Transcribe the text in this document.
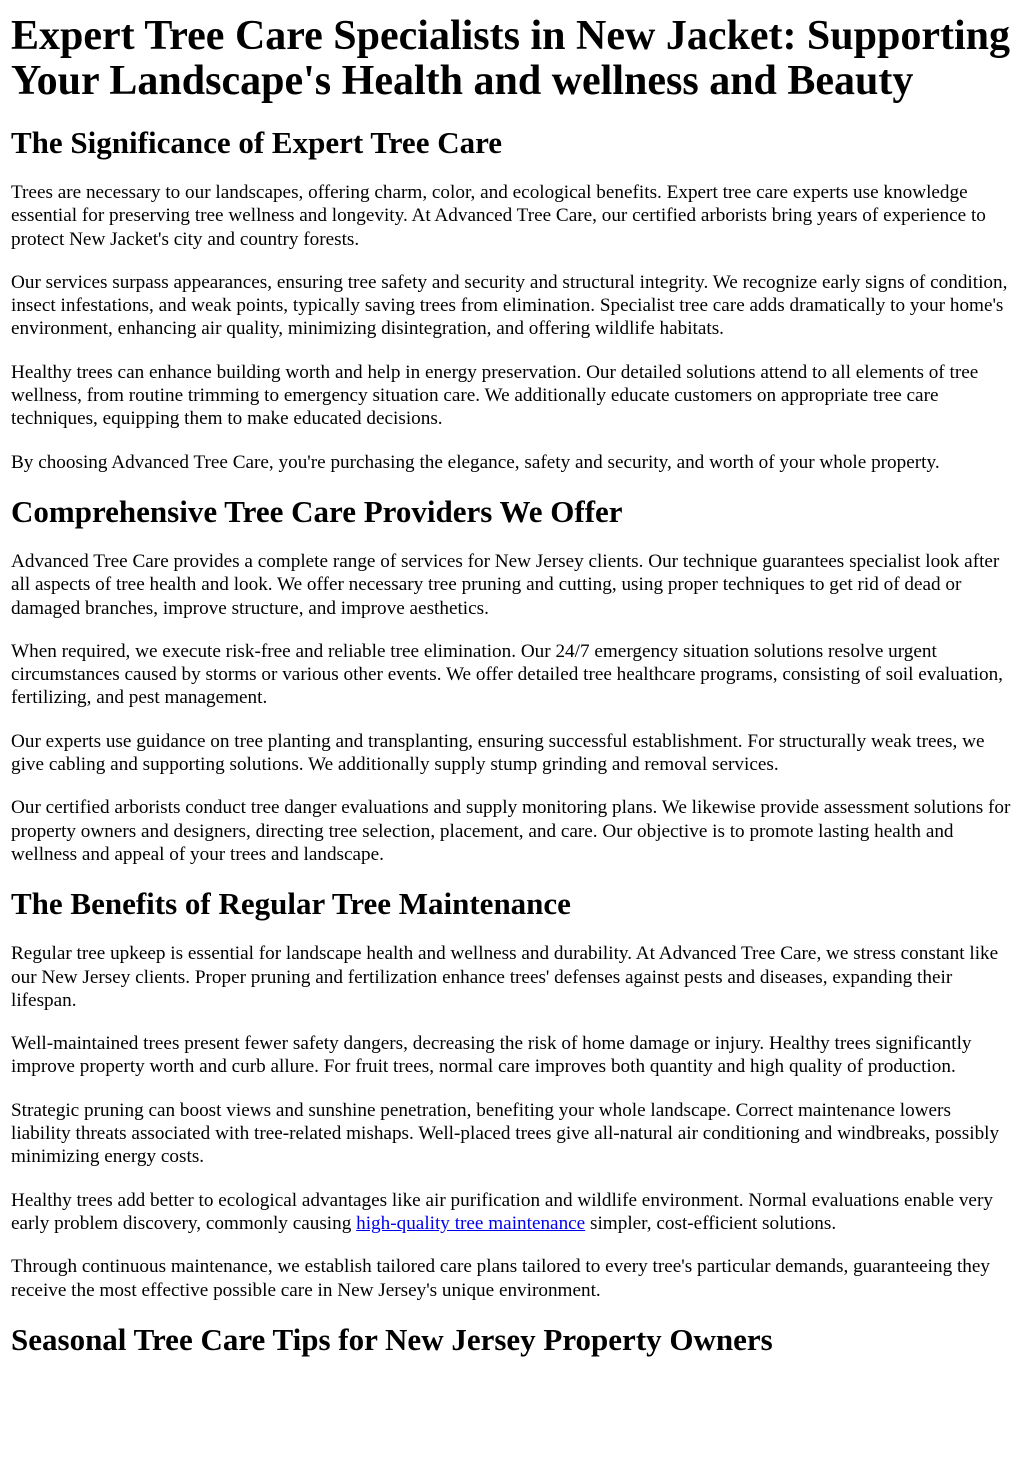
Expert Tree Care Specialists in New Jacket: Supporting Your Landscape's Health and wellness and Beauty
The Significance of Expert Tree Care

Trees are necessary to our landscapes, offering charm, color, and ecological benefits. Expert tree care experts use knowledge essential for preserving tree wellness and longevity. At Advanced Tree Care, our certified arborists bring years of experience to protect New Jacket's city and country forests.

Our services surpass appearances, ensuring tree safety and security and structural integrity. We recognize early signs of condition, insect infestations, and weak points, typically saving trees from elimination. Specialist tree care adds dramatically to your home's environment, enhancing air quality, minimizing disintegration, and offering wildlife habitats.

Healthy trees can enhance building worth and help in energy preservation. Our detailed solutions attend to all elements of tree wellness, from routine trimming to emergency situation care. We additionally educate customers on appropriate tree care techniques, equipping them to make educated decisions.

By choosing Advanced Tree Care, you're purchasing the elegance, safety and security, and worth of your whole property.

Comprehensive Tree Care Providers We Offer

Advanced Tree Care provides a complete range of services for New Jersey clients. Our technique guarantees specialist look after all aspects of tree health and look. We offer necessary tree pruning and cutting, using proper techniques to get rid of dead or damaged branches, improve structure, and improve aesthetics.

When required, we execute risk-free and reliable tree elimination. Our 24/7 emergency situation solutions resolve urgent circumstances caused by storms or various other events. We offer detailed tree healthcare programs, consisting of soil evaluation, fertilizing, and pest management.

Our experts use guidance on tree planting and transplanting, ensuring successful establishment. For structurally weak trees, we give cabling and supporting solutions. We additionally supply stump grinding and removal services.

Our certified arborists conduct tree danger evaluations and supply monitoring plans. We likewise provide assessment solutions for property owners and designers, directing tree selection, placement, and care. Our objective is to promote lasting health and wellness and appeal of your trees and landscape.

The Benefits of Regular Tree Maintenance

Regular tree upkeep is essential for landscape health and wellness and durability. At Advanced Tree Care, we stress constant like our New Jersey clients. Proper pruning and fertilization enhance trees' defenses against pests and diseases, expanding their lifespan.

Well-maintained trees present fewer safety dangers, decreasing the risk of home damage or injury. Healthy trees significantly improve property worth and curb allure. For fruit trees, normal care improves both quantity and high quality of production.

Strategic pruning can boost views and sunshine penetration, benefiting your whole landscape. Correct maintenance lowers liability threats associated with tree-related mishaps. Well-placed trees give all-natural air conditioning and windbreaks, possibly minimizing energy costs.

Healthy trees add better to ecological advantages like air purification and wildlife environment. Normal evaluations enable very early problem discovery, commonly causing high-quality tree maintenance simpler, cost-efficient solutions.

Through continuous maintenance, we establish tailored care plans tailored to every tree's particular demands, guaranteeing they receive the most effective possible care in New Jersey's unique environment.

Seasonal Tree Care Tips for New Jersey Property Owners
